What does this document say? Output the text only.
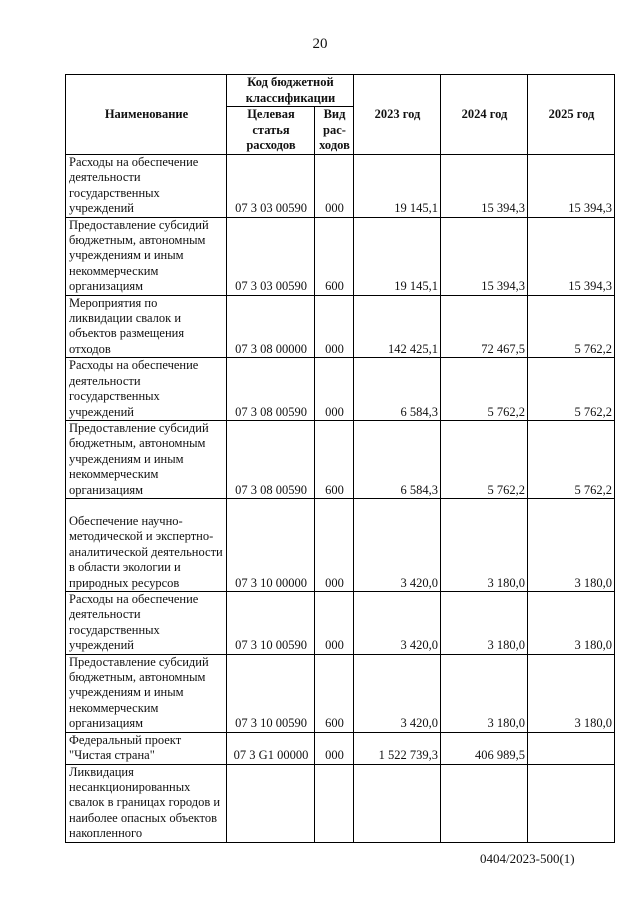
20
Наименование	Код бюджетной классификации		2023 год	2024 год	2025 год
	Целевая статья расходов	Вид рас-ходов			
Расходы на обеспечение деятельности государственных учреждений	07 3 03 00590	000	19 145,1	15 394,3	15 394,3
Предоставление субсидий бюджетным, автономным учреждениям и иным некоммерческим организациям	07 3 03 00590	600	19 145,1	15 394,3	15 394,3
Мероприятия по ликвидации свалок и объектов размещения отходов	07 3 08 00000	000	142 425,1	72 467,5	5 762,2
Расходы на обеспечение деятельности государственных учреждений	07 3 08 00590	000	6 584,3	5 762,2	5 762,2
Предоставление субсидий бюджетным, автономным учреждениям и иным некоммерческим организациям	07 3 08 00590	600	6 584,3	5 762,2	5 762,2
Обеспечение научно-методической и экспертно-аналитической деятельности в области экологии и природных ресурсов	07 3 10 00000	000	3 420,0	3 180,0	3 180,0
Расходы на обеспечение деятельности государственных учреждений	07 3 10 00590	000	3 420,0	3 180,0	3 180,0
Предоставление субсидий бюджетным, автономным учреждениям и иным некоммерческим организациям	07 3 10 00590	600	3 420,0	3 180,0	3 180,0
Федеральный проект "Чистая страна"	07 3 G1 00000	000	1 522 739,3	406 989,5	
Ликвидация несанкционированных свалок в границах городов и наиболее опасных объектов накопленного					
0404/2023-500(1)
